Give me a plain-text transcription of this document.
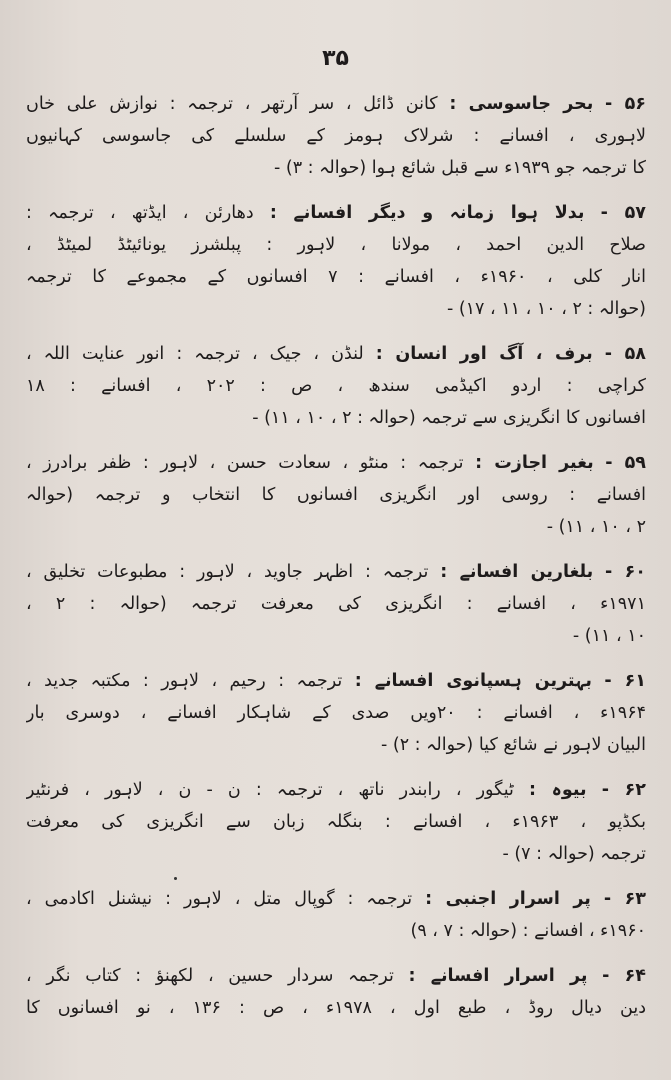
۳۵
۵۶ - بحر جاسوسی : کانن ڈائل ، سر آرتھر ، ترجمہ : نوازش علی خاں
لاہوری ، افسانے : شرلاک ہومز کے سلسلے کی جاسوسی کہانیوں
کا ترجمہ جو ۱۹۳۹ء سے قبل شائع ہوا (حوالہ : ۳) -
۵۷ - بدلا ہوا زمانہ و دیگر افسانے : دھارئن ، ایڈتھ ، ترجمہ :
صلاح الدین احمد ، مولانا ، لاہور : پبلشرز یونائیٹڈ لمیٹڈ ،
انار کلی ، ۱۹۶۰ء ، افسانے : ۷ افسانوں کے مجموعے کا ترجمہ
(حوالہ : ۲ ، ۱۰ ، ۱۱ ، ۱۷) -
۵۸ - برف ، آگ اور انسان : لنڈن ، جیک ، ترجمہ : انور عنایت اللہ ،
کراچی : اردو اکیڈمی سندھ ، ص : ۲۰۲ ، افسانے : ۱۸
افسانوں کا انگریزی سے ترجمہ (حوالہ : ۲ ، ۱۰ ، ۱۱) -
۵۹ - بغیر اجازت : ترجمہ : منٹو ، سعادت حسن ، لاہور : ظفر برادرز ،
افسانے : روسی اور انگریزی افسانوں کا انتخاب و ترجمہ (حوالہ
۲ ، ۱۰ ، ۱۱) -
۶۰ - بلغارین افسانے : ترجمہ : اظہر جاوید ، لاہور : مطبوعات تخلیق ،
۱۹۷۱ء ، افسانے : انگریزی کی معرفت ترجمہ (حوالہ : ۲ ،
۱۰ ، ۱۱) -
۶۱ - بہترین ہسپانوی افسانے : ترجمہ : رحیم ، لاہور : مکتبہ جدید ،
۱۹۶۴ء ، افسانے : ۲۰ویں صدی کے شاہکار افسانے ، دوسری بار
البیان لاہور نے شائع کیا (حوالہ : ۲) -
۶۲ - بیوہ : ٹیگور ، رابندر ناتھ ، ترجمہ : ن - ن ، لاہور ، فرنٹیر
بکڈپو ، ۱۹۶۳ء ، افسانے : بنگلہ زبان سے انگریزی کی معرفت
ترجمہ (حوالہ : ۷) -
۶۳ - پر اسرار اجنبی : ترجمہ : گوپال متل ، لاہور : نیشنل اکادمی ،
۱۹۶۰ء ، افسانے : (حوالہ : ۷ ، ۹)
۶۴ - پر اسرار افسانے : ترجمہ سردار حسین ، لکھنؤ : کتاب نگر ،
دین دیال روڈ ، طبع اول ، ۱۹۷۸ء ، ص : ۱۳۶ ، نو افسانوں کا
